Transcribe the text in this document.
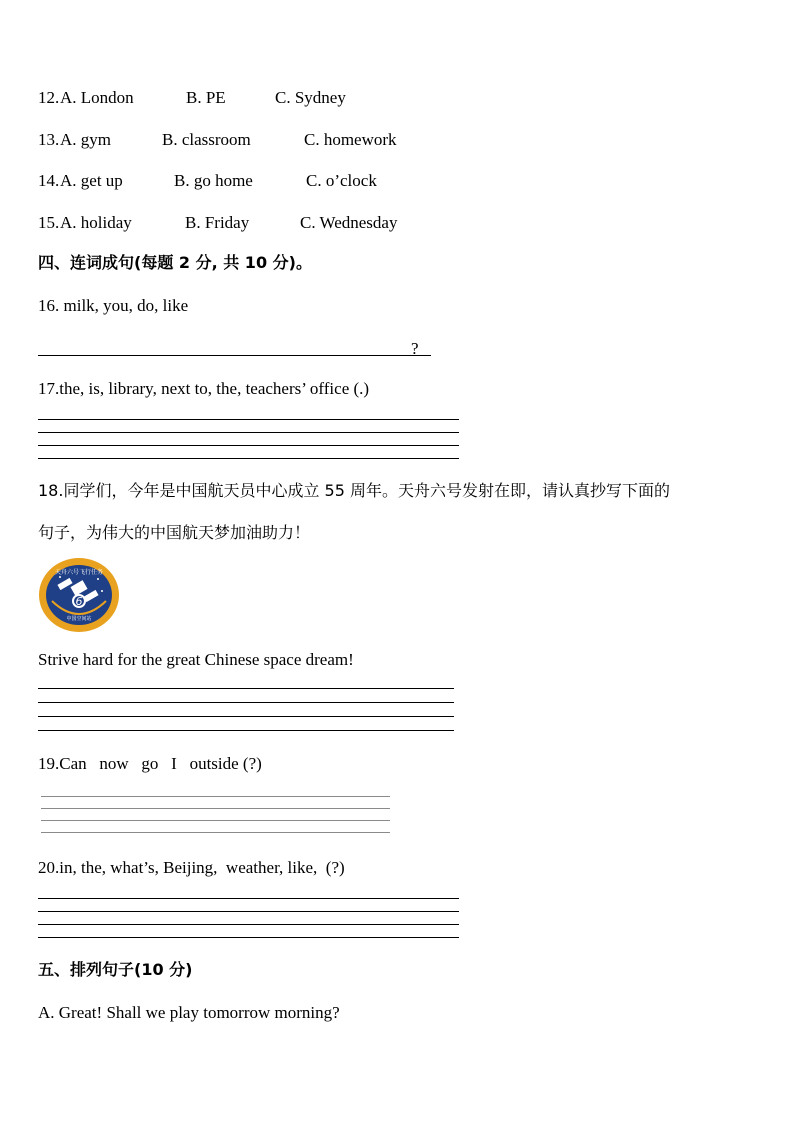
12. A. London	B. PE	C. Sydney
13. A. gym	B. classroom	C. homework
14. A. get up	B. go home	C. o’clock
15. A. holiday	B. Friday	C. Wednesday
四、连词成句(每题 2 分, 共 10 分)。
16. milk, you, do, like
?
17.the, is, library, next to, the, teachers’ office (.)
18.同学们，今年是中国航天员中心成立 55 周年。天舟六号发射在即，请认真抄写下面的
句子，为伟大的中国航天梦加油助力！
天舟六号飞行任务
6
中国空间站
Strive hard for the great Chinese space dream!
19.Can   now   go   I   outside (?)
20.in, the, what’s, Beijing,  weather, like,  (?)
五、排列句子(10 分)
A. Great! Shall we play tomorrow morning?
